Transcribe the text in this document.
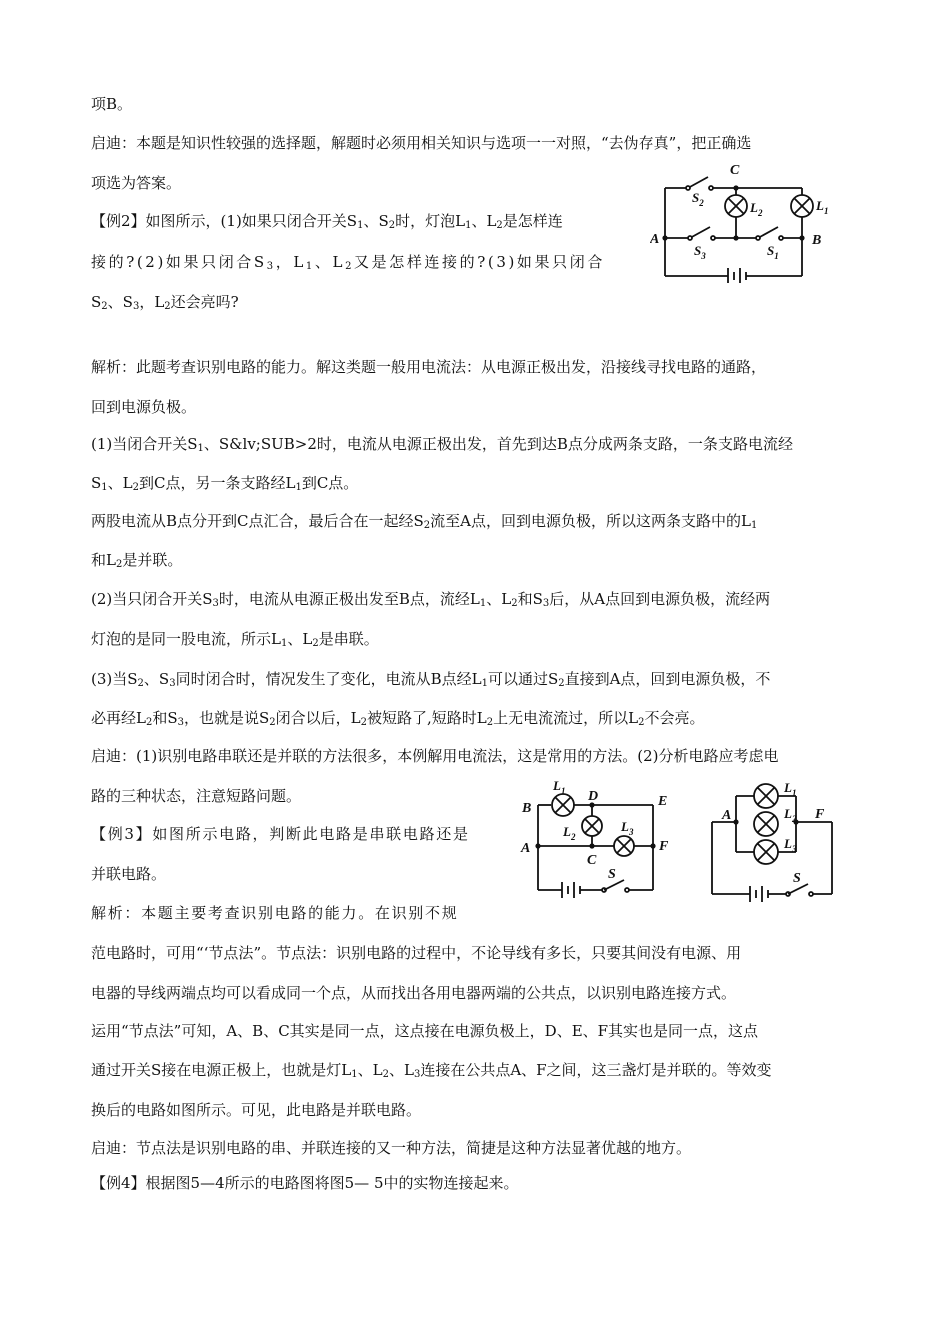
项B。
启迪：本题是知识性较强的选择题，解题时必须用相关知识与选项一一对照，“去伪存真”，把正确选
项选为答案。
【例2】如图所示，(1)如果只闭合开关$S_1$、$S_2$时，灯泡$L_1$、$L_2$是怎样连
接的?(2)如果只闭合$S_3$，$L_1$、$L_2$又是怎样连接的?(3)如果只闭合
$S_2$、$S_3$，$L_2$还会亮吗?
C
$S_2$	$L_2$	$L_1$
A	B
$S_3$	$S_1$
解析：此题考查识别电路的能力。解这类题一般用电流法：从电源正极出发，沿接线寻找电路的通路，
回到电源负极。
(1)当闭合开关$S_1$、S&lv;SUB>2时，电流从电源正极出发，首先到达B点分成两条支路，一条支路电流经
$S_1$、$L_2$到C点，另一条支路经$L_1$到C点。
两股电流从B点分开到C点汇合，最后合在一起经$S_2$流至A点，回到电源负极，所以这两条支路中的$L_1$
和$L_2$是并联。
(2)当只闭合开关$S_3$时，电流从电源正极出发至B点，流经$L_1$、$L_2$和$S_3$后，从A点回到电源负极，流经两
灯泡的是同一股电流，所示$L_1$、$L_2$是串联。
(3)当$S_2$、$S_3$同时闭合时，情况发生了变化，电流从B点经$L_1$可以通过$S_2$直接到A点，回到电源负极，不
必再经$L_2$和$S_3$，也就是说$S_2$闭合以后，$L_2$被短路了,短路时$L_2$上无电流流过，所以$L_2$不会亮。
启迪：(1)识别电路串联还是并联的方法很多，本例解用电流法，这是常用的方法。(2)分析电路应考虑电
路的三种状态，注意短路问题。
【例3】如图所示电路，判断此电路是串联电路还是
并联电路。
解析：本题主要考查识别电路的能力。在识别不规
B
$L_1$ D	E
$L_2$
$L_3$
A
C
F
S
A	F
$L_1$
$L_2$
$L_3$
S
范电路时，可用“‘节点法”。节点法：识别电路的过程中，不论导线有多长，只要其间没有电源、用
电器的导线两端点均可以看成同一个点，从而找出各用电器两端的公共点，以识别电路连接方式。
运用“节点法”可知，A、B、C其实是同一点，这点接在电源负极上，D、E、F其实也是同一点，这点
通过开关S接在电源正极上，也就是灯$L_1$、$L_2$、$L_3$连接在公共点A、F之间，这三盏灯是并联的。等效变
换后的电路如图所示。可见，此电路是并联电路。
启迪：节点法是识别电路的串、并联连接的又一种方法，简捷是这种方法显著优越的地方。
【例4】根据图5—4所示的电路图将图5— 5中的实物连接起来。
